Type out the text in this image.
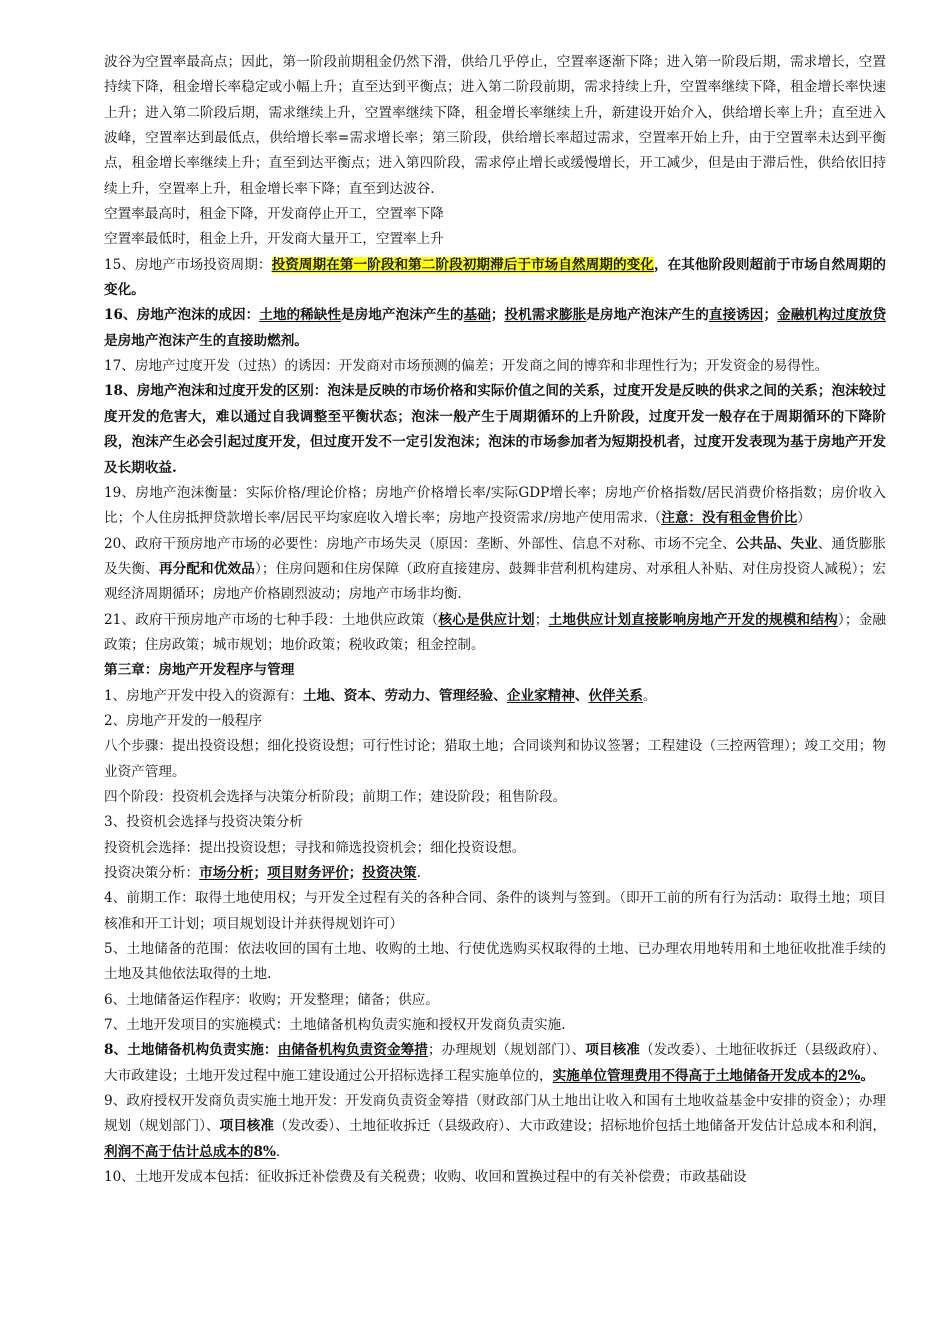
波谷为空置率最高点；因此，第一阶段前期租金仍然下滑，供给几乎停止，空置率逐渐下降；进入第一阶段后期，需求增长，空置持续下降，租金增长率稳定或小幅上升；直至达到平衡点；进入第二阶段前期，需求持续上升，空置率继续下降，租金增长率快速上升；进入第二阶段后期，需求继续上升，空置率继续下降，租金增长率继续上升，新建设开始介入，供给增长率上升；直至进入波峰，空置率达到最低点，供给增长率=需求增长率；第三阶段，供给增长率超过需求，空置率开始上升，由于空置率未达到平衡点，租金增长率继续上升；直至到达平衡点；进入第四阶段，需求停止增长或缓慢增长，开工减少，但是由于滞后性，供给依旧持续上升，空置率上升，租金增长率下降；直至到达波谷.

空置率最高时，租金下降，开发商停止开工，空置率下降

空置率最低时，租金上升，开发商大量开工，空置率上升

15、房地产市场投资周期：投资周期在第一阶段和第二阶段初期滞后于市场自然周期的变化，在其他阶段则超前于市场自然周期的变化。

16、房地产泡沫的成因：土地的稀缺性是房地产泡沫产生的基础；投机需求膨胀是房地产泡沫产生的直接诱因；金融机构过度放贷是房地产泡沫产生的直接助燃剂。

17、房地产过度开发（过热）的诱因：开发商对市场预测的偏差；开发商之间的博弈和非理性行为；开发资金的易得性。

18、房地产泡沫和过度开发的区别：泡沫是反映的市场价格和实际价值之间的关系，过度开发是反映的供求之间的关系；泡沫较过度开发的危害大，难以通过自我调整至平衡状态；泡沫一般产生于周期循环的上升阶段，过度开发一般存在于周期循环的下降阶段，泡沫产生必会引起过度开发，但过度开发不一定引发泡沫；泡沫的市场参加者为短期投机者，过度开发表现为基于房地产开发及长期收益.

19、房地产泡沫衡量：实际价格/理论价格；房地产价格增长率/实际GDP增长率；房地产价格指数/居民消费价格指数；房价收入比；个人住房抵押贷款增长率/居民平均家庭收入增长率；房地产投资需求/房地产使用需求.（注意：没有租金售价比）

20、政府干预房地产市场的必要性：房地产市场失灵（原因：垄断、外部性、信息不对称、市场不完全、公共品、失业、通货膨胀及失衡、再分配和优效品）；住房问题和住房保障（政府直接建房、鼓舞非营利机构建房、对承租人补贴、对住房投资人减税）；宏观经济周期循环；房地产价格剧烈波动；房地产市场非均衡.

21、政府干预房地产市场的七种手段：土地供应政策（核心是供应计划；土地供应计划直接影响房地产开发的规模和结构）；金融政策；住房政策；城市规划；地价政策；税收政策；租金控制。

第三章：房地产开发程序与管理

1、房地产开发中投入的资源有：土地、资本、劳动力、管理经验、企业家精神、伙伴关系。

2、房地产开发的一般程序

八个步骤：提出投资设想；细化投资设想；可行性讨论；猎取土地；合同谈判和协议签署；工程建设（三控两管理）；竣工交用；物业资产管理。

四个阶段：投资机会选择与决策分析阶段；前期工作；建设阶段；租售阶段。

3、投资机会选择与投资决策分析

投资机会选择：提出投资设想；寻找和筛选投资机会；细化投资设想。

投资决策分析：市场分析；项目财务评价；投资决策.

4、前期工作：取得土地使用权；与开发全过程有关的各种合同、条件的谈判与签到。（即开工前的所有行为活动：取得土地；项目核准和开工计划；项目规划设计并获得规划许可）

5、土地储备的范围：依法收回的国有土地、收购的土地、行使优选购买权取得的土地、已办理农用地转用和土地征收批准手续的土地及其他依法取得的土地.

6、土地储备运作程序：收购；开发整理；储备；供应。

7、土地开发项目的实施模式：土地储备机构负责实施和授权开发商负责实施.

8、土地储备机构负责实施：由储备机构负责资金筹措；办理规划（规划部门）、项目核准（发改委）、土地征收拆迁（县级政府）、大市政建设；土地开发过程中施工建设通过公开招标选择工程实施单位的，实施单位管理费用不得高于土地储备开发成本的2%。

9、政府授权开发商负责实施土地开发：开发商负责资金筹措（财政部门从土地出让收入和国有土地收益基金中安排的资金）；办理规划（规划部门）、项目核准（发改委）、土地征收拆迁（县级政府）、大市政建设；招标地价包括土地储备开发估计总成本和利润，利润不高于估计总成本的8%.

10、土地开发成本包括：征收拆迁补偿费及有关税费；收购、收回和置换过程中的有关补偿费；市政基础设
